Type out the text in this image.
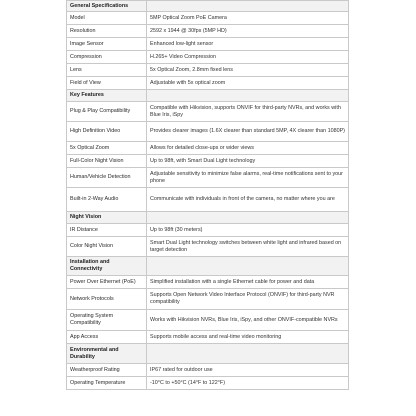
General Specifications	
Model	5MP Optical Zoom PoE Camera
Resolution	2592 x 1944 @ 30fps (5MP HD)
Image Sensor	Enhanced low-light sensor
Compression	H.265+ Video Compression
Lens	5x Optical Zoom, 2.8mm fixed lens
Field of View	Adjustable with 5x optical zoom
Key Features	
Plug & Play Compatibility	Compatible with Hikvision, supports ONVIF for third-party NVRs, and works with Blue Iris, iSpy
High Definition Video	Provides clearer images (1.6X clearer than standard 5MP, 4X clearer than 1080P)
5x Optical Zoom	Allows for detailed close-ups or wider views
Full-Color Night Vision	Up to 98ft, with Smart Dual Light technology
Human/Vehicle Detection	Adjustable sensitivity to minimize false alarms, real-time notifications sent to your phone
Built-in 2-Way Audio	Communicate with individuals in front of the camera, no matter where you are
Night Vision	
IR Distance	Up to 98ft (30 meters)
Color Night Vision	Smart Dual Light technology switches between white light and infrared based on target detection
Installation and Connectivity	
Power Over Ethernet (PoE)	Simplified installation with a single Ethernet cable for power and data
Network Protocols	Supports Open Network Video Interface Protocol (ONVIF) for third-party NVR compatibility
Operating System Compatibility	Works with Hikvision NVRs, Blue Iris, iSpy, and other ONVIF-compatible NVRs
App Access	Supports mobile access and real-time video monitoring
Environmental and Durability	
Weatherproof Rating	IP67 rated for outdoor use
Operating Temperature	-10°C to +50°C (14°F to 122°F)
